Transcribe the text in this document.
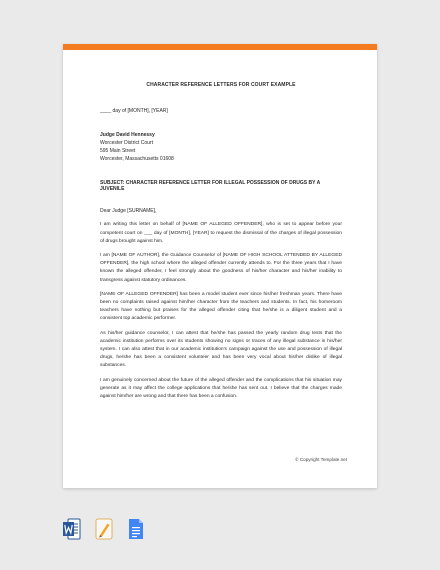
CHARACTER REFERENCE LETTERS FOR COURT EXAMPLE
____ day of [MONTH], [YEAR]
Judge David Hennessy
Worcester District Court
595 Main Street
Worcester, Massachusetts 01608
SUBJECT: CHARACTER REFERENCE LETTER FOR ILLEGAL POSSESSION OF DRUGS BY A JUVENILE
Dear Judge [SURNAME],

I am writing this letter on behalf of [NAME OF ALLEGED OFFENDER], who is set to appear before your competent court on ___ day of [MONTH], [YEAR] to request the dismissal of the charges of illegal possession of drugs brought against him.

I am [NAME OF AUTHOR], the Guidance Counselor of [NAME OF HIGH SCHOOL ATTENDED BY ALLEGED OFFENDER], the high school where the alleged offender currently attends to. For the three years that I have known the alleged offender, I feel strongly about the goodness of his/her character and his/her inability to transgress against statutory ordinances.

[NAME OF ALLEGED OFFENDER] has been a model student ever since his/her freshman years. There have been no complaints raised against him/her character from the teachers and students. In fact, his homeroom teachers have nothing but praises for the alleged offender citing that he/she is a diligent student and a consistent top academic performer.

As his/her guidance counselor, I can attest that he/she has passed the yearly random drug tests that the academic institution performs over its students showing no signs or traces of any illegal substance in his/her system. I can also attest that in our academic institution's campaign against the use and possession of illegal drugs, he/she has been a consistent volunteer and has been very vocal about his/her dislike of illegal substances.

I am genuinely concerned about the future of the alleged offender and the complications that his situation may generate as it may affect the college applications that he/she has sent out. I believe that the charges made against him/her are wrong and that there has been a confusion.

© Copyright Template.net
